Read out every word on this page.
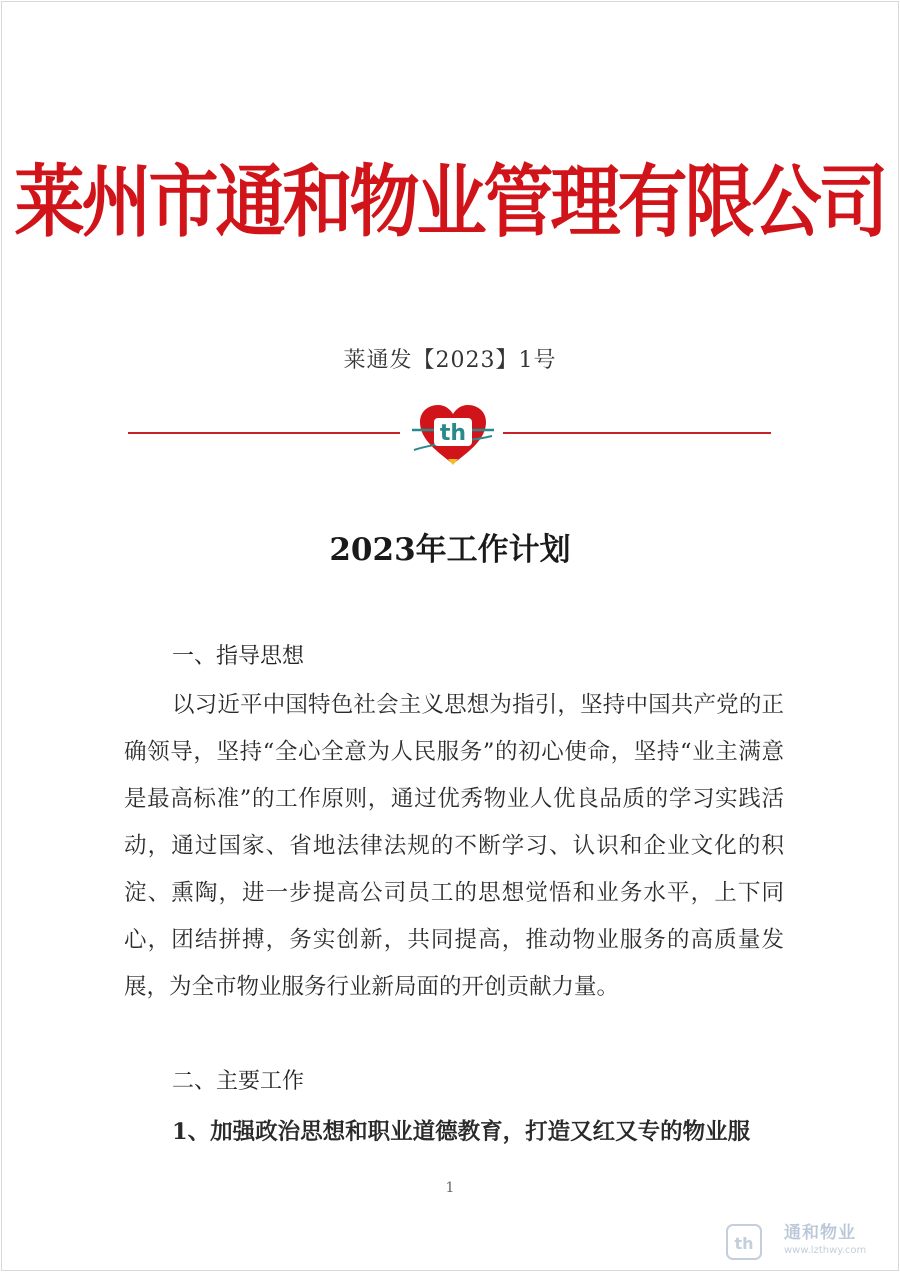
莱州市通和物业管理有限公司
莱通发【2023】1号
th
2023年工作计划
一、指导思想
以习近平中国特色社会主义思想为指引，坚持中国共产党的正确领导，坚持“全心全意为人民服务”的初心使命，坚持“业主满意是最高标准”的工作原则，通过优秀物业人优良品质的学习实践活动，通过国家、省地法律法规的不断学习、认识和企业文化的积淀、熏陶，进一步提高公司员工的思想觉悟和业务水平，上下同心，团结拼搏，务实创新，共同提高，推动物业服务的高质量发展，为全市物业服务行业新局面的开创贡献力量。
二、主要工作
1、加强政治思想和职业道德教育，打造又红又专的物业服
1
th
通和物业
www.lzthwy.com
